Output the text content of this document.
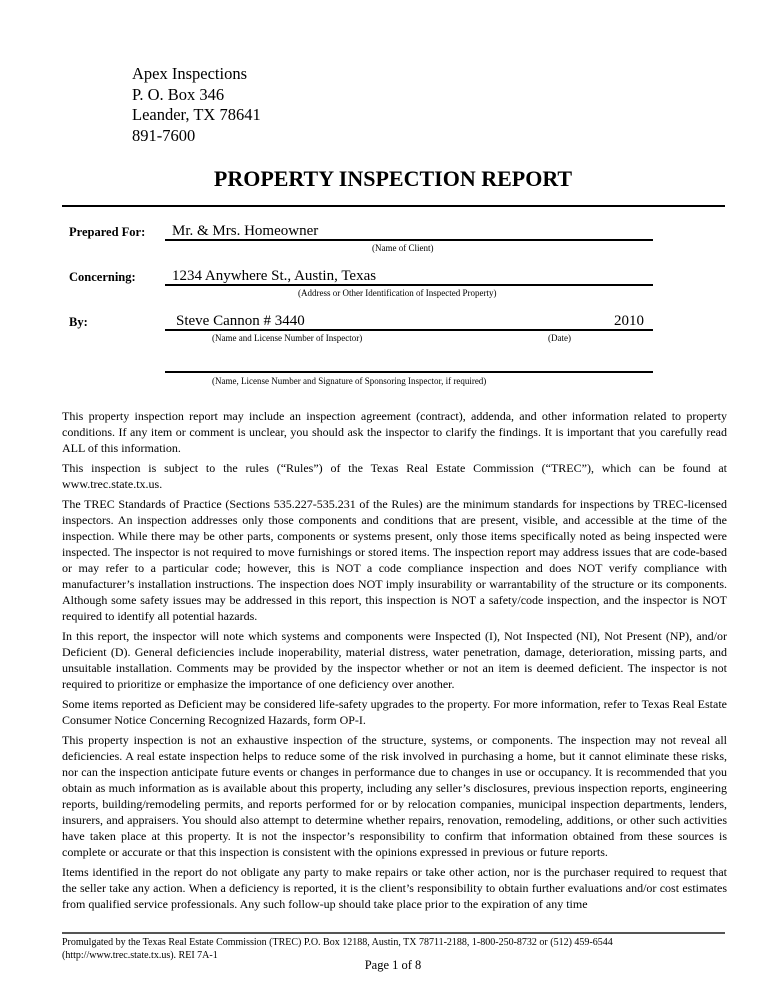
Apex Inspections
P. O. Box 346
Leander, TX 78641
891-7600
PROPERTY INSPECTION REPORT
Prepared For: Mr. & Mrs. Homeowner
(Name of Client)
Concerning: 1234 Anywhere St., Austin, Texas
(Address or Other Identification of Inspected Property)
By:	Steve Cannon # 3440	2010
(Name and License Number of Inspector)	(Date)
(Name, License Number and Signature of Sponsoring Inspector, if required)

This property inspection report may include an inspection agreement (contract), addenda, and other information related to property conditions. If any item or comment is unclear, you should ask the inspector to clarify the findings. It is important that you carefully read ALL of this information.

This inspection is subject to the rules (“Rules”) of the Texas Real Estate Commission (“TREC”), which can be found at www.trec.state.tx.us.

The TREC Standards of Practice (Sections 535.227-535.231 of the Rules) are the minimum standards for inspections by TREC-licensed inspectors. An inspection addresses only those components and conditions that are present, visible, and accessible at the time of the inspection. While there may be other parts, components or systems present, only those items specifically noted as being inspected were inspected. The inspector is not required to move furnishings or stored items. The inspection report may address issues that are code-based or may refer to a particular code; however, this is NOT a code compliance inspection and does NOT verify compliance with manufacturer’s installation instructions. The inspection does NOT imply insurability or warrantability of the structure or its components. Although some safety issues may be addressed in this report, this inspection is NOT a safety/code inspection, and the inspector is NOT required to identify all potential hazards.

In this report, the inspector will note which systems and components were Inspected (I), Not Inspected (NI), Not Present (NP), and/or Deficient (D). General deficiencies include inoperability, material distress, water penetration, damage, deterioration, missing parts, and unsuitable installation. Comments may be provided by the inspector whether or not an item is deemed deficient. The inspector is not required to prioritize or emphasize the importance of one deficiency over another.

Some items reported as Deficient may be considered life-safety upgrades to the property. For more information, refer to Texas Real Estate Consumer Notice Concerning Recognized Hazards, form OP-I.

This property inspection is not an exhaustive inspection of the structure, systems, or components. The inspection may not reveal all deficiencies. A real estate inspection helps to reduce some of the risk involved in purchasing a home, but it cannot eliminate these risks, nor can the inspection anticipate future events or changes in performance due to changes in use or occupancy. It is recommended that you obtain as much information as is available about this property, including any seller’s disclosures, previous inspection reports, engineering reports, building/remodeling permits, and reports performed for or by relocation companies, municipal inspection departments, lenders, insurers, and appraisers. You should also attempt to determine whether repairs, renovation, remodeling, additions, or other such activities have taken place at this property. It is not the inspector’s responsibility to confirm that information obtained from these sources is complete or accurate or that this inspection is consistent with the opinions expressed in previous or future reports.

Items identified in the report do not obligate any party to make repairs or take other action, nor is the purchaser required to request that the seller take any action. When a deficiency is reported, it is the client’s responsibility to obtain further evaluations and/or cost estimates from qualified service professionals. Any such follow-up should take place prior to the expiration of any time

Promulgated by the Texas Real Estate Commission (TREC) P.O. Box 12188, Austin, TX 78711-2188, 1-800-250-8732 or (512) 459-6544
(http://www.trec.state.tx.us). REI 7A-1
Page 1 of 8
